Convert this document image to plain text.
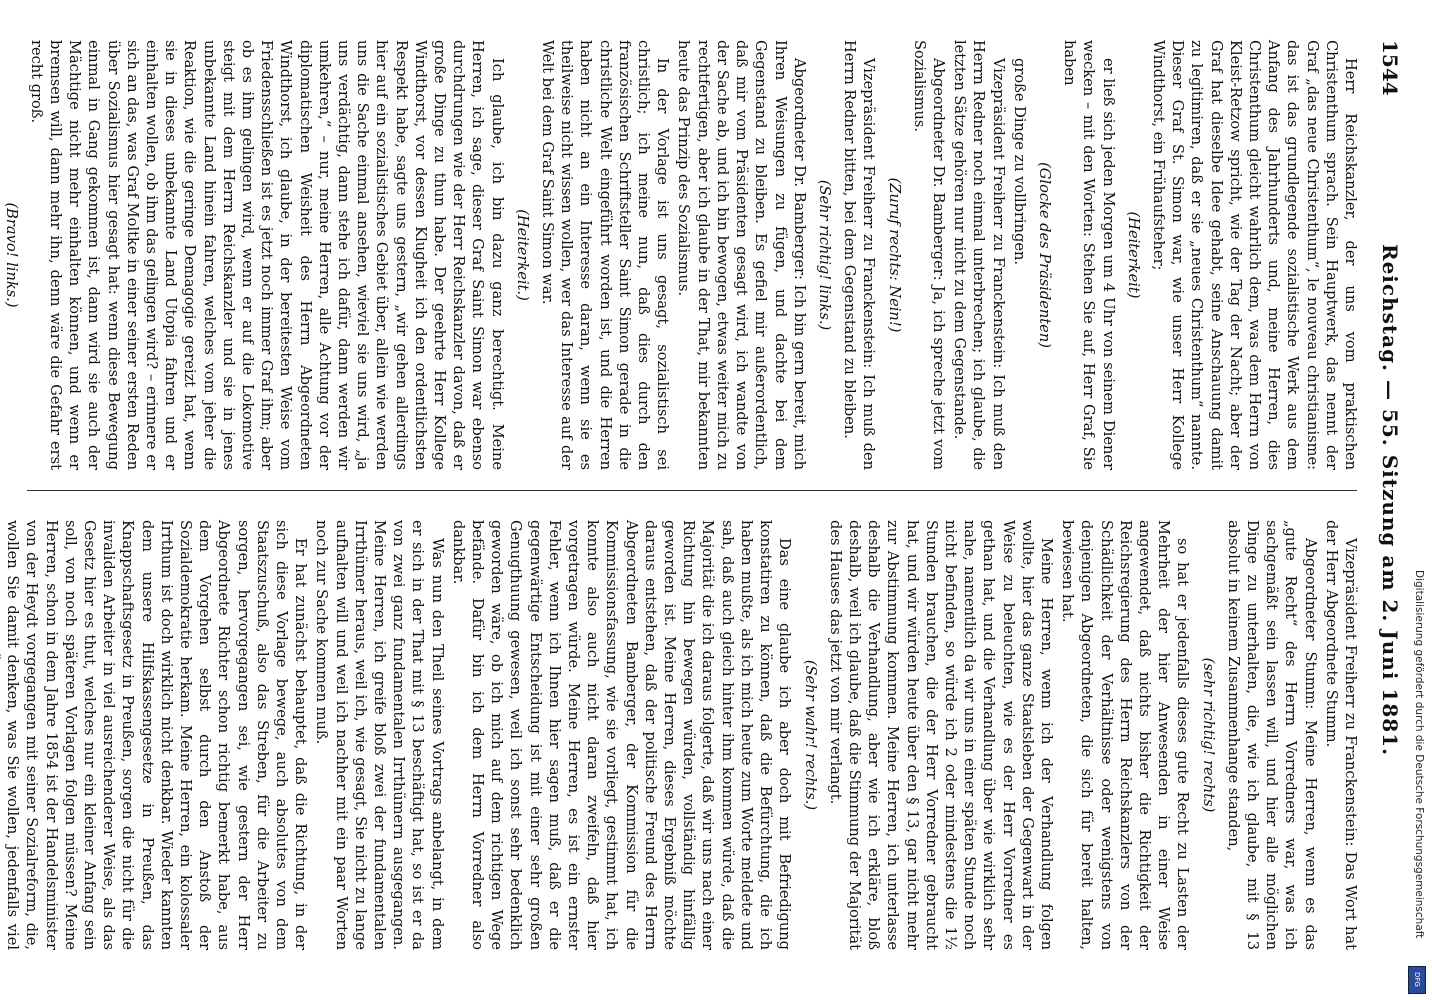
1544
Reichstag. — 55. Sitzung am 2. Juni 1881.

Herr Reichskanzler, der uns vom praktischen Christenthum sprach. Sein Hauptwerk, das nennt der Graf „das neue Christenthum“, le nouveau christianisme: das ist das grundlegende sozialistische Werk aus dem Anfang des Jahrhunderts und, meine Herren, dies Christenthum gleicht wahrlich dem, was dem Herrn von Kleist-Retzow spricht, wie der Tag der Nacht; aber der Graf hat dieselbe Idee gehabt, seine Anschauung damit zu legitimiren, daß er sie „neues Christenthum“ nannte. Dieser Graf St. Simon war, wie unser Herr Kollege Windthorst, ein Frühaufsteher;

(Heiterkeit)

er ließ sich jeden Morgen um 4 Uhr von seinem Diener wecken – mit den Worten: Stehen Sie auf, Herr Graf, Sie haben

(Glocke des Präsidenten)

große Dinge zu vollbringen.

Vizepräsident Freiherr zu Franckenstein: Ich muß den Herrn Redner noch einmal unterbrechen; ich glaube, die letzten Sätze gehören nur nicht zu dem Gegenstande.

Abgeordneter Dr. Bamberger: Ja, ich spreche jetzt vom Sozialismus.

(Zuruf rechts: Nein!)

Vizepräsident Freiherr zu Franckenstein: Ich muß den Herrn Redner bitten, bei dem Gegenstand zu bleiben.

(Sehr richtig! links.)

Abgeordneter Dr. Bamberger: Ich bin gern bereit, mich Ihren Weisungen zu fügen, und dachte bei dem Gegenstand zu bleiben. Es gefiel mir außerordentlich, daß mir vom Präsidenten gesagt wird, ich wandte von der Sache ab, und ich bin bewogen, etwas weiter mich zu rechtfertigen, aber ich glaube in der That, mir bekannten heute das Prinzip des Sozialismus.

In der Vorlage ist uns gesagt, sozialistisch sei christlich; ich meine nun, daß dies durch den französischen Schriftsteller Saint Simon gerade in die christliche Welt eingeführt worden ist, und die Herren haben nicht an ein Interesse daran, wenn sie es theilweise nicht wissen wollen, wer das Interesse auf der Welt bei dem Graf Saint Simon war.

(Heiterkeit.)

Ich glaube, ich bin dazu ganz berechtigt. Meine Herren, ich sage, dieser Graf Saint Simon war ebenso durchdrungen wie der Herr Reichskanzler davon, daß er große Dinge zu thun habe. Der geehrte Herr Kollege Windthorst, vor dessen Klugheit ich den ordentlichsten Respekt habe, sagte uns gestern, „wir gehen allerdings hier auf ein sozialistisches Gebiet über, allein wie werden uns die Sache einmal ansehen, wieviel sie uns wird, „ja uns verdächtig, dann stehe ich dafür, dann werden wir umkehren,“ – nur, meine Herren, alle Achtung vor der diplomatischen Weisheit des Herrn Abgeordneten Windthorst, ich glaube, in der bereitesten Weise vom Friedensschließen ist es jetzt noch immer Graf ihm; aber ob es ihm gelingen wird, wenn er auf die Lokomotive steigt mit dem Herrn Reichskanzler und sie in jenes unbekannte Land hinein fahren, welches vom jeher die Reaktion, wie die geringe Demagogie gereizt hat, wenn sie in dieses unbekannte Land Utopia fahren und er einhalten wollen, ob ihm das gelingen wird? – erinnere er sich an das, was Graf Moltke in einer seiner ersten Reden über Sozialismus hier gesagt hat: wenn diese Bewegung einmal in Gang gekommen ist, dann wird sie auch der Mächtige nicht mehr einhalten können, und wenn er bremsen will, dann mehr ihn, denn wäre die Gefahr erst recht groß.

(Bravo! links.)

Vizepräsident Freiherr zu Franckenstein: Das Wort hat der Herr Abgeordnete Stumm.

Abgeordneter Stumm: Meine Herren, wenn es das „gute Recht“ des Herrn Vorredners war, was ich sachgemäßt sein lassen will, und hier alle möglichen Dinge zu unterhalten, die, wie ich glaube, mit § 13 absolut in keinem Zusammenhange standen,

(sehr richtig! rechts)

so hat er jedenfalls dieses gute Recht zu Lasten der Mehrheit der hier Anwesenden in einer Weise angewendet, daß nichts bisher die Richtigkeit der Reichsregierung des Herrn Reichskanzlers von der Schädlichkeit der Verhältnisse oder wenigstens von denjenigen Abgeordneten, die sich für bereit halten, bewiesen hat.

Meine Herren, wenn ich der Verhandlung folgen wollte, hier das ganze Staatsleben der Gegenwart in der Weise zu beleuchten, wie es der Herr Vorredner es gethan hat, und die Verhandlung über wie wirklich sehr nahe, namentlich da wir uns in einer späten Stunde noch nicht befinden, so würde ich 2 oder mindestens die 1½ Stunden brauchen, die der Herr Vorredner gebraucht hat, und wir würden heute über den § 13, gar nicht mehr zur Abstimmung kommen. Meine Herren, ich unterlasse deshalb die Verhandlung, aber wie ich erkläre, bloß deshalb, weil ich glaube, daß die Stimmung der Majorität des Hauses das jetzt von mir verlangt.

(Sehr wahr! rechts.)

Das eine glaube ich aber doch mit Befriedigung konstatiren zu können, daß die Befürchtung, die ich haben mußte, als ich mich heute zum Worte meldete und sah, daß auch gleich hinter ihm kommen würde, daß die Majorität die ich daraus folgerte, daß wir uns nach einer Richtung hin bewegen würden, vollständig hinfällig geworden ist. Meine Herren, dieses Ergebniß möchte daraus entstehen, daß der politische Freund des Herrn Abgeordneten Bamberger, der Kommission für die Kommissionsfassung, wie sie vorliegt, gestimmt hat, ich konnte also auch nicht daran zweifeln, daß hier vorgetragen würde. Meine Herren, es ist ein ernster Fehler, wenn ich Ihnen hier sagen muß, daß er die gegenwärtige Entscheidung ist mit einer sehr großen Genugthuung gewesen, weil ich sonst sehr bedenklich geworden wäre, ob ich mich auf dem richtigen Wege befände. Dafür bin ich dem Herrn Vorredner also dankbar.

Was nun den Theil seines Vortrags anbelangt, in dem er sich in der That mit § 13 beschäftigt hat, so ist er da von zwei ganz fundamentalen Irrthümern ausgegangen. Meine Herren, ich greife bloß zwei der fundamentalen Irrthümer heraus, weil ich, wie gesagt, Sie nicht zu lange aufhalten will und weil ich nachher mit ein paar Worten noch zur Sache kommen muß.

Er hat zunächst behauptet, daß die Richtung, in der sich diese Vorlage bewege, auch absolutes von dem Staatszuschuß, also das Streben, für die Arbeiter zu sorgen, hervorgegangen sei, wie gestern der Herr Abgeordnete Richter schon richtig bemerkt habe, aus dem Vorgehen selbst durch den Anstoß der Sozialdemokratie herkam. Meine Herren, ein kolossaler Irrthum ist doch wirklich nicht denkbar. Wieder kannten dem unsere Hilfskassengesetze in Preußen, das Knappschaftsgesetz in Preußen, sorgen die nicht für die invaliden Arbeiter in viel ausreichenderer Weise, als das Gesetz hier es thut, welches nur ein kleiner Anfang sein soll, von noch späteren Vorlagen folgen müssen? Meine Herren, schon in dem Jahre 1854 ist der Handelsminister von der Heydt vorgegangen mit seiner Sozialreform, die, wollen Sie damit denken, was Sie wollen, jedenfalls viel	Digitalisierung gefördert durch die Deutsche Forschungsgemeinschaft
DFG
